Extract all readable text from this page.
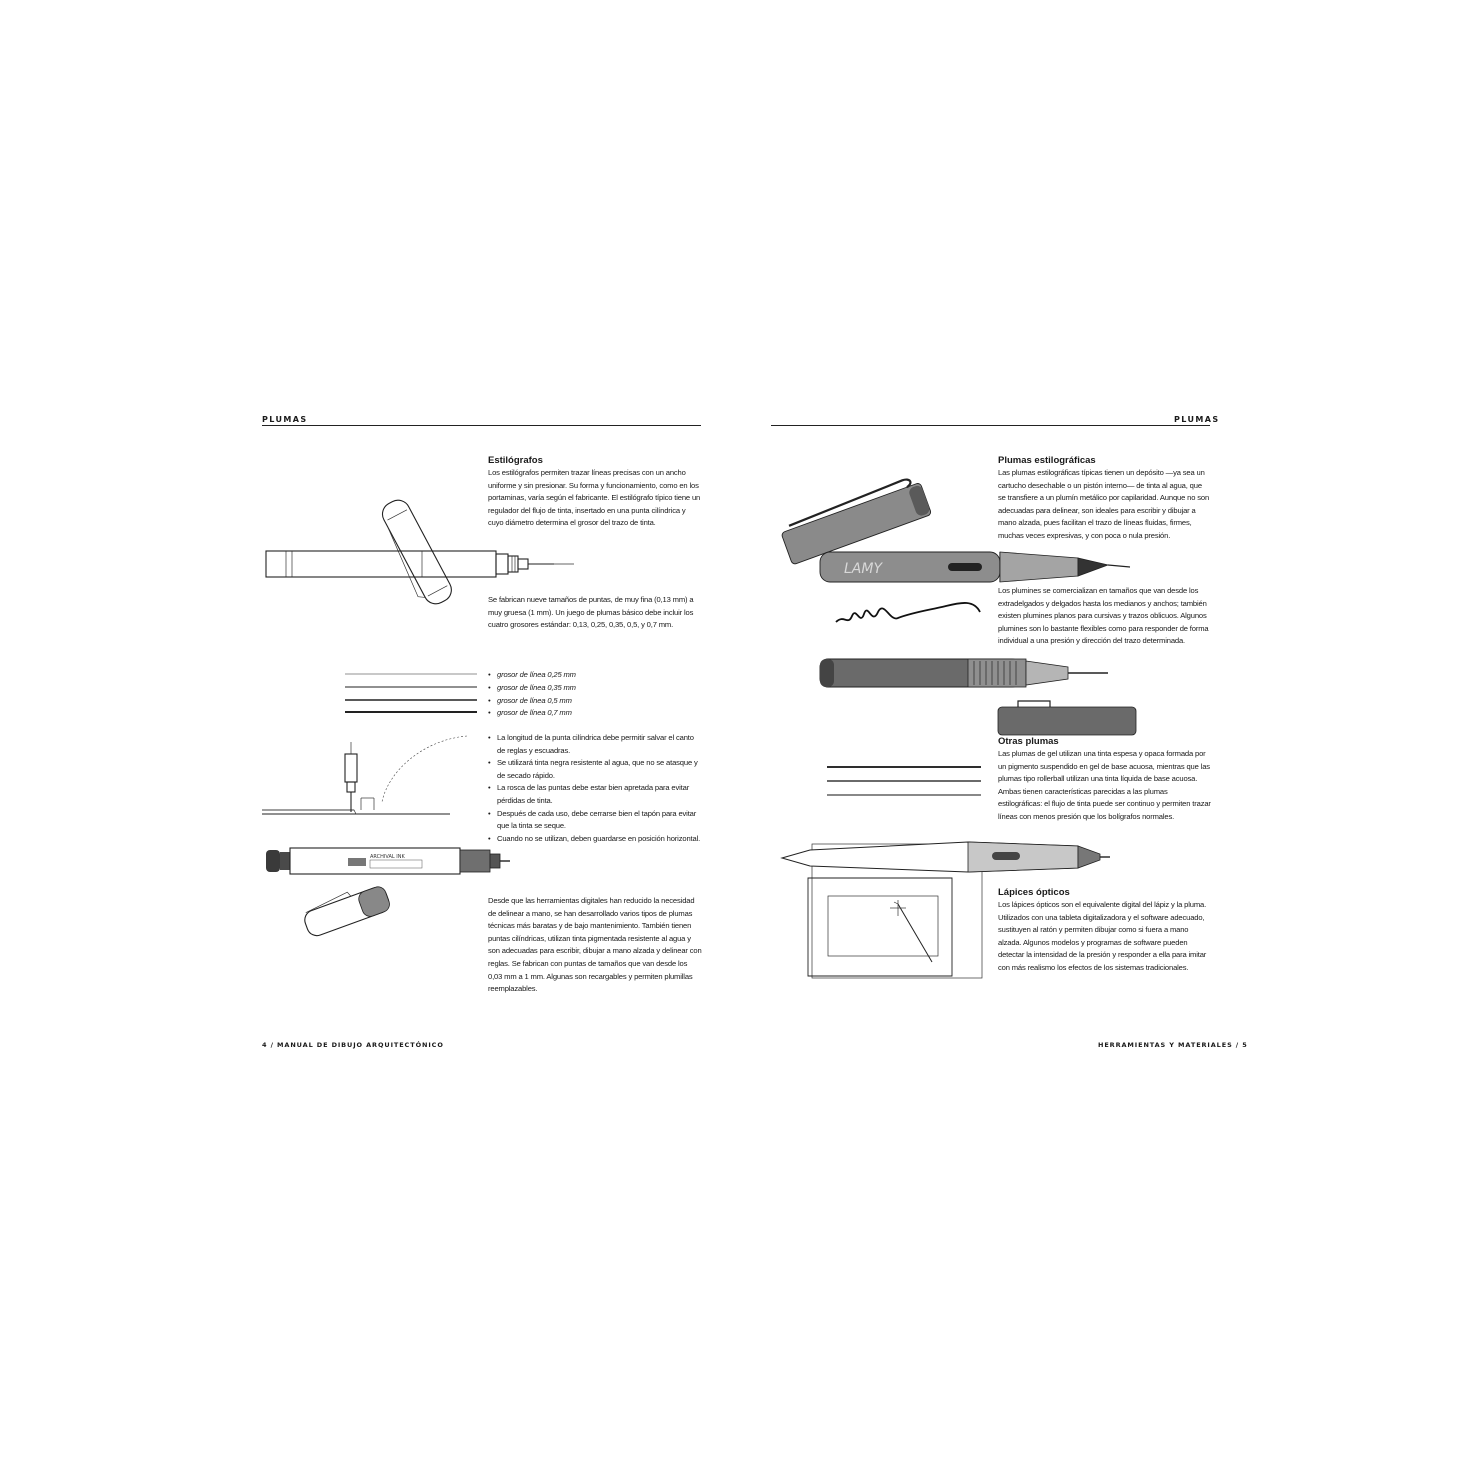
PLUMAS
Estilógrafos
Los estilógrafos permiten trazar líneas precisas con un ancho uniforme y sin presionar. Su forma y funcionamiento, como en los portaminas, varía según el fabricante. El estilógrafo típico tiene un regulador del flujo de tinta, insertado en una punta cilíndrica y cuyo diámetro determina el grosor del trazo de tinta.
Se fabrican nueve tamaños de puntas, de muy fina (0,13 mm) a muy gruesa (1 mm). Un juego de plumas básico debe incluir los cuatro grosores estándar: 0,13, 0,25, 0,35, 0,5, y 0,7 mm.
• grosor de línea 0,25 mm
• grosor de línea 0,35 mm
• grosor de línea 0,5 mm
• grosor de línea 0,7 mm
• La longitud de la punta cilíndrica debe permitir salvar el canto de reglas y escuadras.
• Se utilizará tinta negra resistente al agua, que no se atasque y de secado rápido.
• La rosca de las puntas debe estar bien apretada para evitar pérdidas de tinta.
• Después de cada uso, debe cerrarse bien el tapón para evitar que la tinta se seque.
• Cuando no se utilizan, deben guardarse en posición horizontal.
ARCHIVAL INK
Desde que las herramientas digitales han reducido la necesidad de delinear a mano, se han desarrollado varios tipos de plumas técnicas más baratas y de bajo mantenimiento. También tienen puntas cilíndricas, utilizan tinta pigmentada resistente al agua y son adecuadas para escribir, dibujar a mano alzada y delinear con reglas. Se fabrican con puntas de tamaños que van desde los 0,03 mm a 1 mm. Algunas son recargables y permiten plumillas reemplazables.
4 / MANUAL DE DIBUJO ARQUITECTÓNICO
PLUMAS
LAMY
Plumas estilográficas
Las plumas estilográficas típicas tienen un depósito —ya sea un cartucho desechable o un pistón interno— de tinta al agua, que se transfiere a un plumín metálico por capilaridad. Aunque no son adecuadas para delinear, son ideales para escribir y dibujar a mano alzada, pues facilitan el trazo de líneas fluidas, firmes, muchas veces expresivas, y con poca o nula presión.
Los plumines se comercializan en tamaños que van desde los extradelgados y delgados hasta los medianos y anchos; también existen plumines planos para cursivas y trazos oblicuos. Algunos plumines son lo bastante flexibles como para responder de forma individual a una presión y dirección del trazo determinada.
Otras plumas
Las plumas de gel utilizan una tinta espesa y opaca formada por un pigmento suspendido en gel de base acuosa, mientras que las plumas tipo rollerball utilizan una tinta líquida de base acuosa. Ambas tienen características parecidas a las plumas estilográficas: el flujo de tinta puede ser continuo y permiten trazar líneas con menos presión que los bolígrafos normales.
Lápices ópticos
Los lápices ópticos son el equivalente digital del lápiz y la pluma. Utilizados con una tableta digitalizadora y el software adecuado, sustituyen al ratón y permiten dibujar como si fuera a mano alzada. Algunos modelos y programas de software pueden detectar la intensidad de la presión y responder a ella para imitar con más realismo los efectos de los sistemas tradicionales.
HERRAMIENTAS Y MATERIALES / 5
